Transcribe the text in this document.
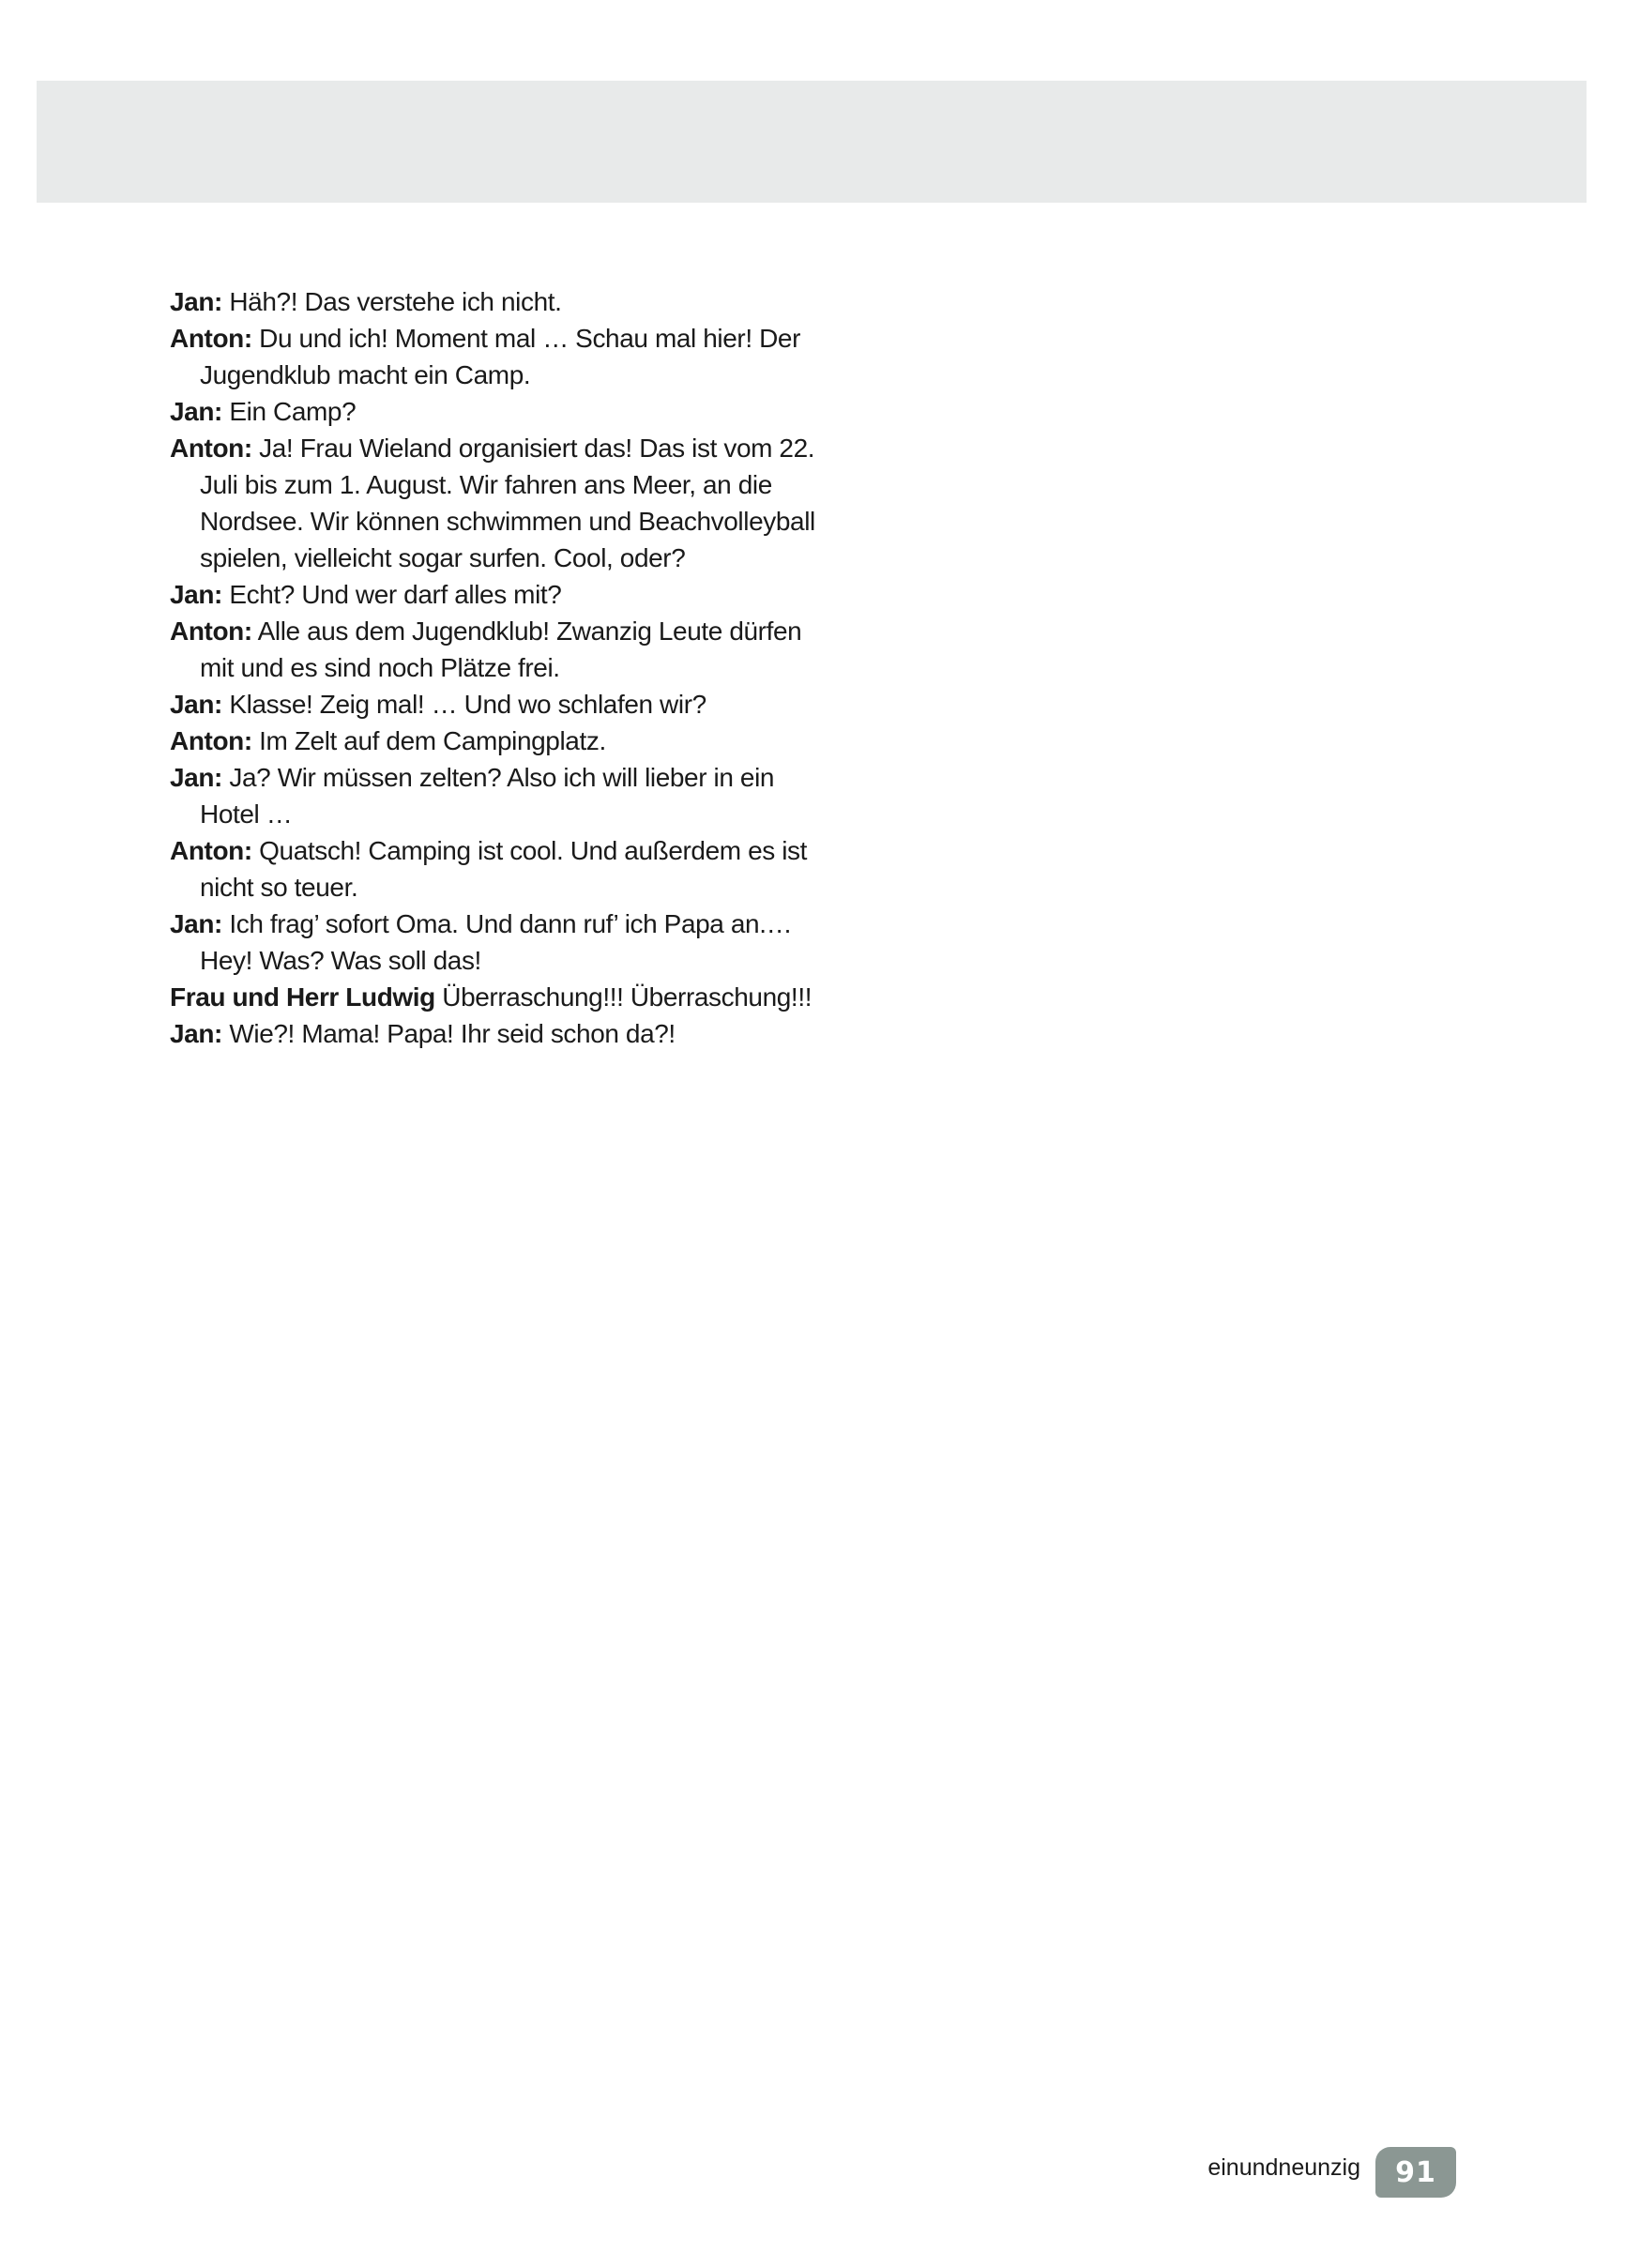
Jan: Häh?! Das verstehe ich nicht.

Anton: Du und ich! Moment mal … Schau mal hier! Der Jugendklub macht ein Camp.

Jan: Ein Camp?

Anton: Ja! Frau Wieland organisiert das! Das ist vom 22. Juli bis zum 1. August. Wir fahren ans Meer, an die Nordsee. Wir können schwimmen und Beachvolleyball spielen, vielleicht sogar surfen. Cool, oder?

Jan: Echt? Und wer darf alles mit?

Anton: Alle aus dem Jugendklub! Zwanzig Leute dürfen mit und es sind noch Plätze frei.

Jan: Klasse! Zeig mal! … Und wo schlafen wir?

Anton: Im Zelt auf dem Campingplatz.

Jan: Ja? Wir müssen zelten? Also ich will lieber in ein Hotel …

Anton: Quatsch! Camping ist cool. Und außerdem es ist nicht so teuer.

Jan: Ich frag’ sofort Oma. Und dann ruf’ ich Papa an.… Hey! Was? Was soll das!

Frau und Herr Ludwig Überraschung!!! Überraschung!!!

Jan: Wie?! Mama! Papa! Ihr seid schon da?!

einundneunzig	91
